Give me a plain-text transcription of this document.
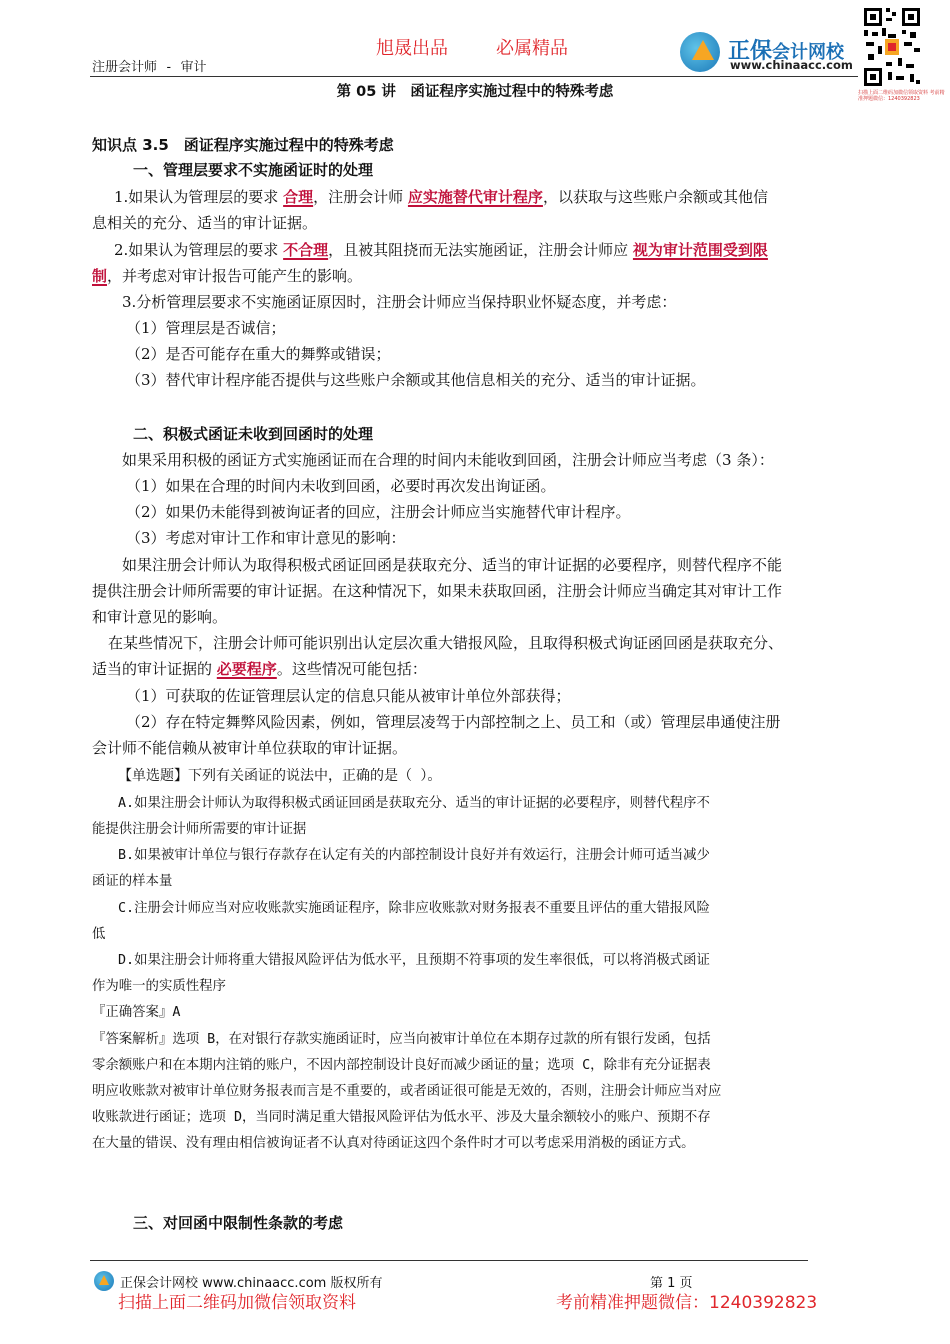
旭晟出品	必属精品
注册会计师 - 审计
正保会计网校
www.chinaacc.com
扫描上面二维码加微信领取资料 考前精准押题微信：1240392823
第 05 讲　函证程序实施过程中的特殊考虑
知识点 3.5　函证程序实施过程中的特殊考虑
一、管理层要求不实施函证时的处理
1.如果认为管理层的要求 合理，注册会计师 应实施替代审计程序，以获取与这些账户余额或其他信
息相关的充分、适当的审计证据。
2.如果认为管理层的要求 不合理，且被其阻挠而无法实施函证，注册会计师应 视为审计范围受到限
制，并考虑对审计报告可能产生的影响。
3.分析管理层要求不实施函证原因时，注册会计师应当保持职业怀疑态度，并考虑：
（1）管理层是否诚信；
（2）是否可能存在重大的舞弊或错误；
（3）替代审计程序能否提供与这些账户余额或其他信息相关的充分、适当的审计证据。
二、积极式函证未收到回函时的处理
如果采用积极的函证方式实施函证而在合理的时间内未能收到回函，注册会计师应当考虑（3 条）：
（1）如果在合理的时间内未收到回函，必要时再次发出询证函。
（2）如果仍未能得到被询证者的回应，注册会计师应当实施替代审计程序。
（3）考虑对审计工作和审计意见的影响：
如果注册会计师认为取得积极式函证回函是获取充分、适当的审计证据的必要程序，则替代程序不能
提供注册会计师所需要的审计证据。在这种情况下，如果未获取回函，注册会计师应当确定其对审计工作
和审计意见的影响。
在某些情况下，注册会计师可能识别出认定层次重大错报风险，且取得积极式询证函回函是获取充分、
适当的审计证据的 必要程序。这些情况可能包括：
（1）可获取的佐证管理层认定的信息只能从被审计单位外部获得；
（2）存在特定舞弊风险因素，例如，管理层凌驾于内部控制之上、员工和（或）管理层串通使注册
会计师不能信赖从被审计单位获取的审计证据。
【单选题】下列有关函证的说法中，正确的是（ ）。
A.如果注册会计师认为取得积极式函证回函是获取充分、适当的审计证据的必要程序，则替代程序不
能提供注册会计师所需要的审计证据
B.如果被审计单位与银行存款存在认定有关的内部控制设计良好并有效运行，注册会计师可适当减少
函证的样本量
C.注册会计师应当对应收账款实施函证程序，除非应收账款对财务报表不重要且评估的重大错报风险
低
D.如果注册会计师将重大错报风险评估为低水平，且预期不符事项的发生率很低，可以将消极式函证
作为唯一的实质性程序
『正确答案』A
『答案解析』选项 B，在对银行存款实施函证时，应当向被审计单位在本期存过款的所有银行发函，包括
零余额账户和在本期内注销的账户，不因内部控制设计良好而减少函证的量；选项 C，除非有充分证据表
明应收账款对被审计单位财务报表而言是不重要的，或者函证很可能是无效的，否则，注册会计师应当对应
收账款进行函证；选项 D，当同时满足重大错报风险评估为低水平、涉及大量余额较小的账户、预期不存
在大量的错误、没有理由相信被询证者不认真对待函证这四个条件时才可以考虑采用消极的函证方式。
三、对回函中限制性条款的考虑
正保会计网校 www.chinaacc.com 版权所有	第 1 页
扫描上面二维码加微信领取资料	考前精准押题微信：1240392823
